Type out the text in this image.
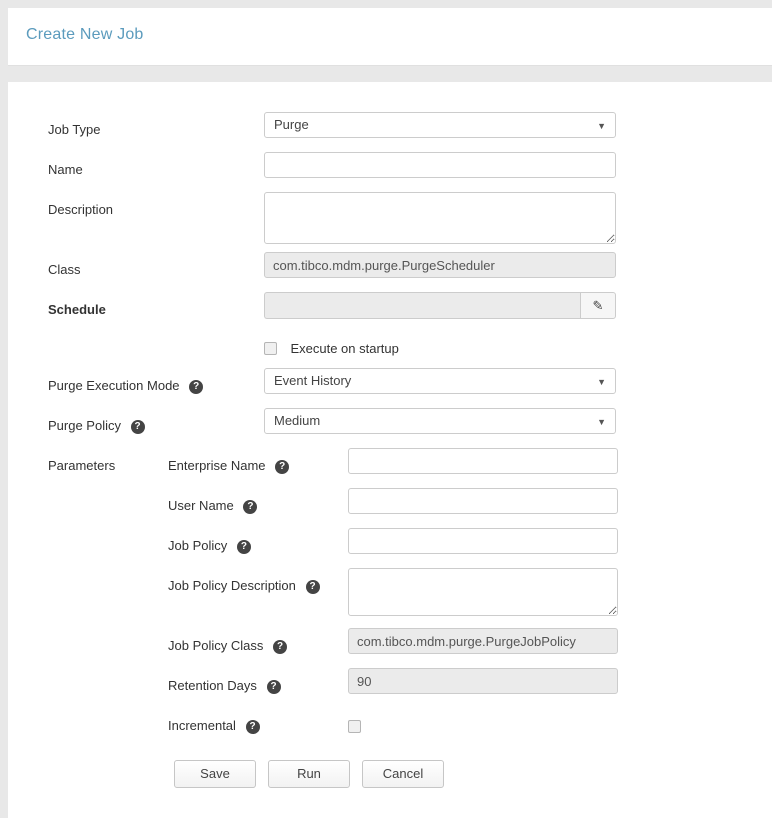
Create New Job
Job Type	Purge	▼
Name
Description
Class	com.tibco.mdm.purge.PurgeScheduler
Schedule	✎
Execute on startup
Purge Execution Mode ?	Event History	▼
Purge Policy ?	Medium	▼
Parameters	Enterprise Name ?
User Name ?
Job Policy ?
Job Policy Description ?
Job Policy Class ?	com.tibco.mdm.purge.PurgeJobPolicy
Retention Days ?	90
Incremental ?
Save	Run	Cancel
